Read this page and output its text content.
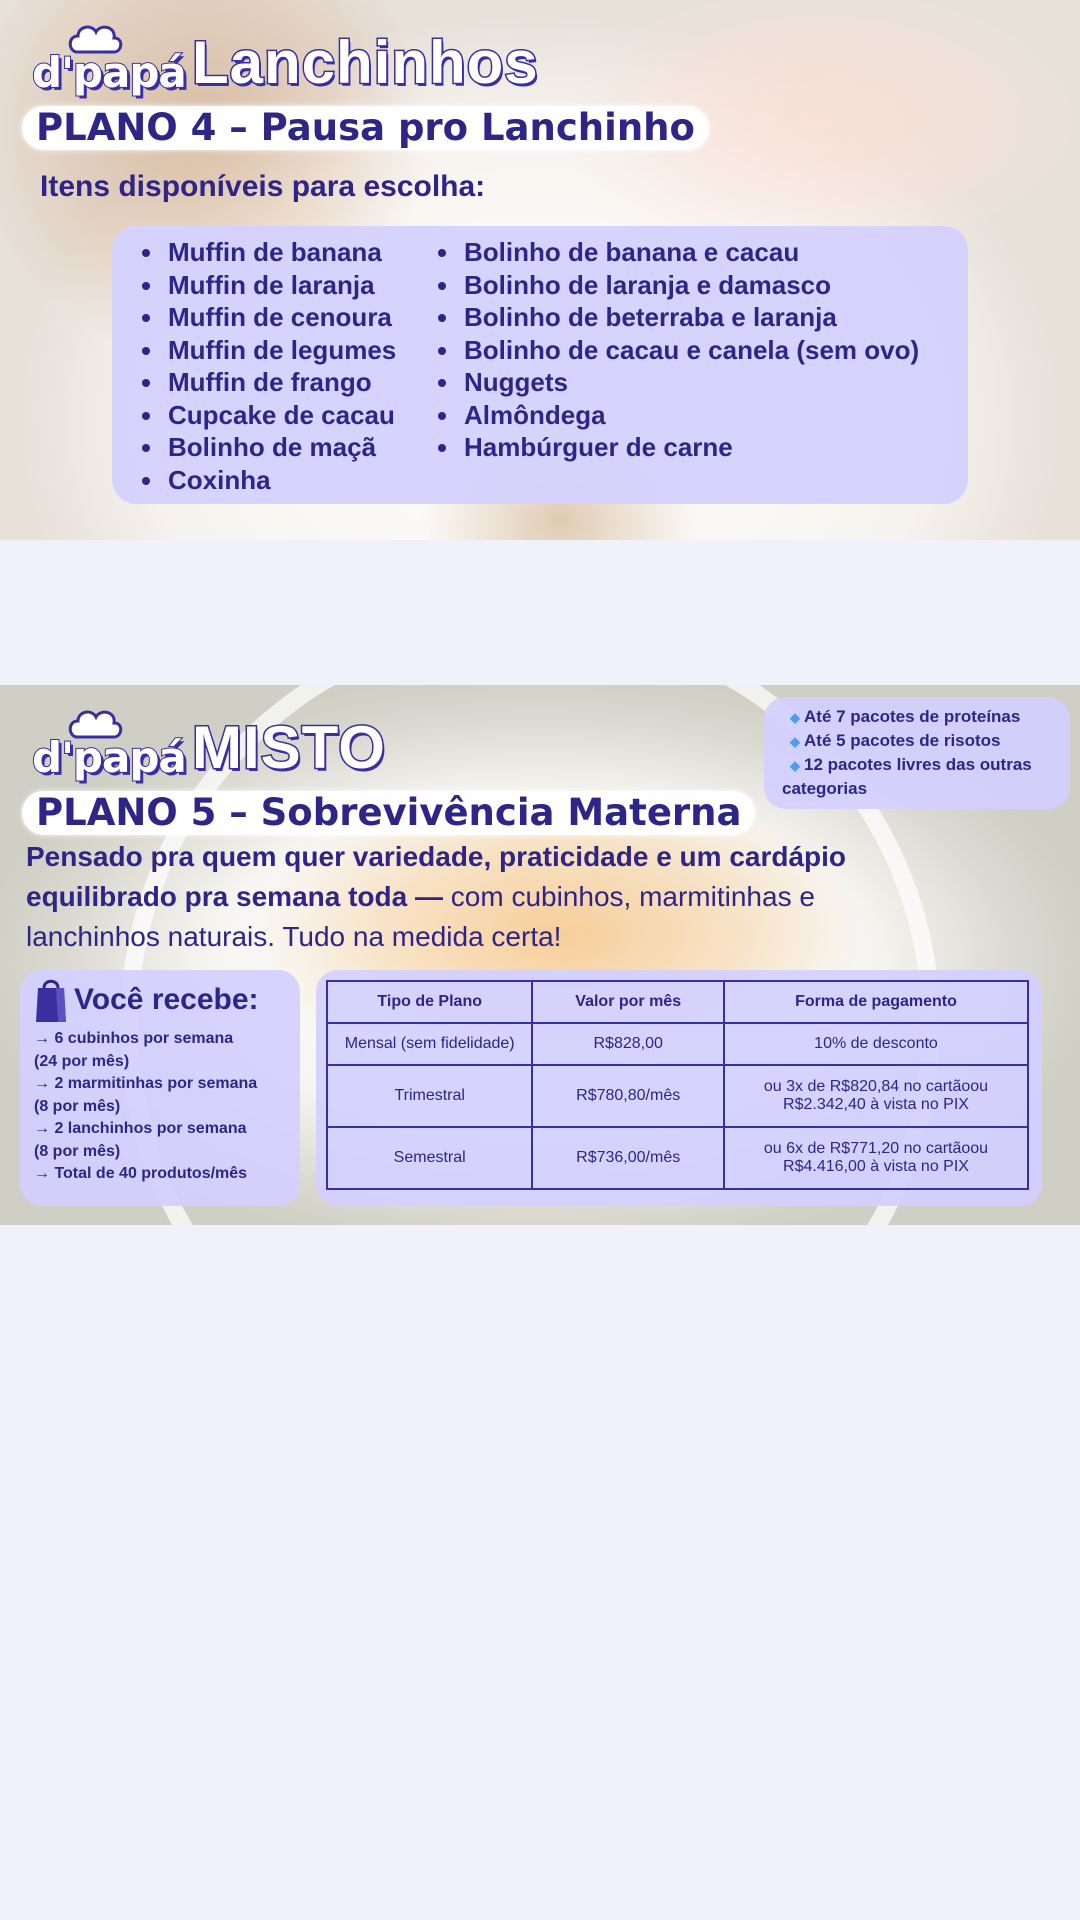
d'papá Lanchinhos
PLANO 4 – Pausa pro Lanchinho
Itens disponíveis para escolha:
Muffin de banana
Muffin de laranja
Muffin de cenoura
Muffin de legumes
Muffin de frango
Cupcake de cacau
Bolinho de maçã
Coxinha
Bolinho de banana e cacau
Bolinho de laranja e damasco
Bolinho de beterraba e laranja
Bolinho de cacau e canela (sem ovo)
Nuggets
Almôndega
Hambúrguer de carne
d'papá MISTO	◆ Até 7 pacotes de proteínas
◆ Até 5 pacotes de risotos
◆ 12 pacotes livres das outras
categorias
PLANO 5 – Sobrevivência Materna
Pensado pra quem quer variedade, praticidade e um cardápio equilibrado pra semana toda — com cubinhos, marmitinhas e lanchinhos naturais. Tudo na medida certa!
Você recebe:
→ 6 cubinhos por semana
(24 por mês)
→ 2 marmitinhas por semana
(8 por mês)
→ 2 lanchinhos por semana
(8 por mês)
→ Total de 40 produtos/mês
Tipo de Plano	Valor por mês	Forma de pagamento
Mensal (sem fidelidade)	R$828,00	10% de desconto

Trimestral	R$780,80/mês	ou 3x de R$820,84 no cartãoou
R$2.342,40 à vista no PIX

Semestral	R$736,00/mês	ou 6x de R$771,20 no cartãoou
R$4.416,00 à vista no PIX
